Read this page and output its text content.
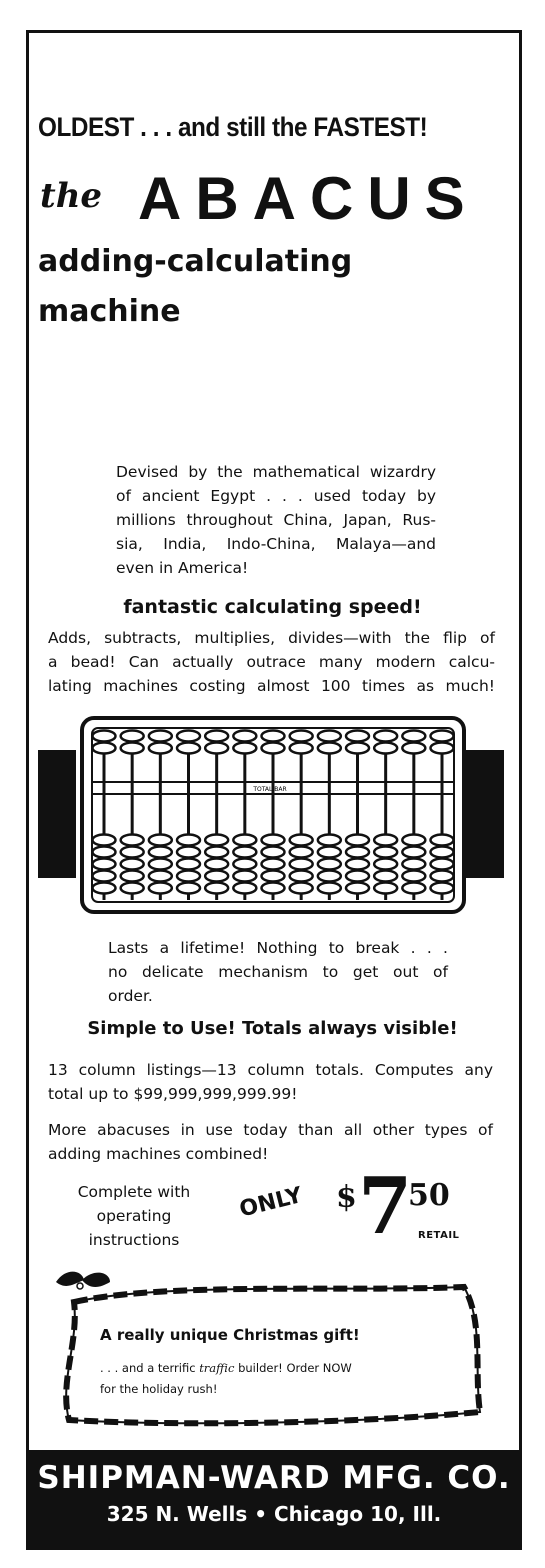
OLDEST . . . and still the FASTEST!
the ABACUS
adding-calculating
machine
Devised by the mathematical wizardry
of ancient Egypt . . . used today by
millions throughout China, Japan, Rus-
sia, India, Indo-China, Malaya—and
even in America!
fantastic calculating speed!
Adds, subtracts, multiplies, divides—with the flip of
a bead! Can actually outrace many modern calcu-
lating machines costing almost 100 times as much!
TOTAL BAR
Lasts a lifetime! Nothing to break . . .
no delicate mechanism to get out of
order.
Simple to Use! Totals always visible!
13 column listings—13 column totals. Computes any
total up to $99,999,999,999.99!
More abacuses in use today than all other types of
adding machines combined!
Complete with
operating
instructions
ONLY $ 7
50
RETAIL
A really unique Christmas gift!
. . . and a terrific traffic builder! Order NOW
for the holiday rush!
SHIPMAN-WARD MFG. CO.
325 N. Wells • Chicago 10, Ill.
